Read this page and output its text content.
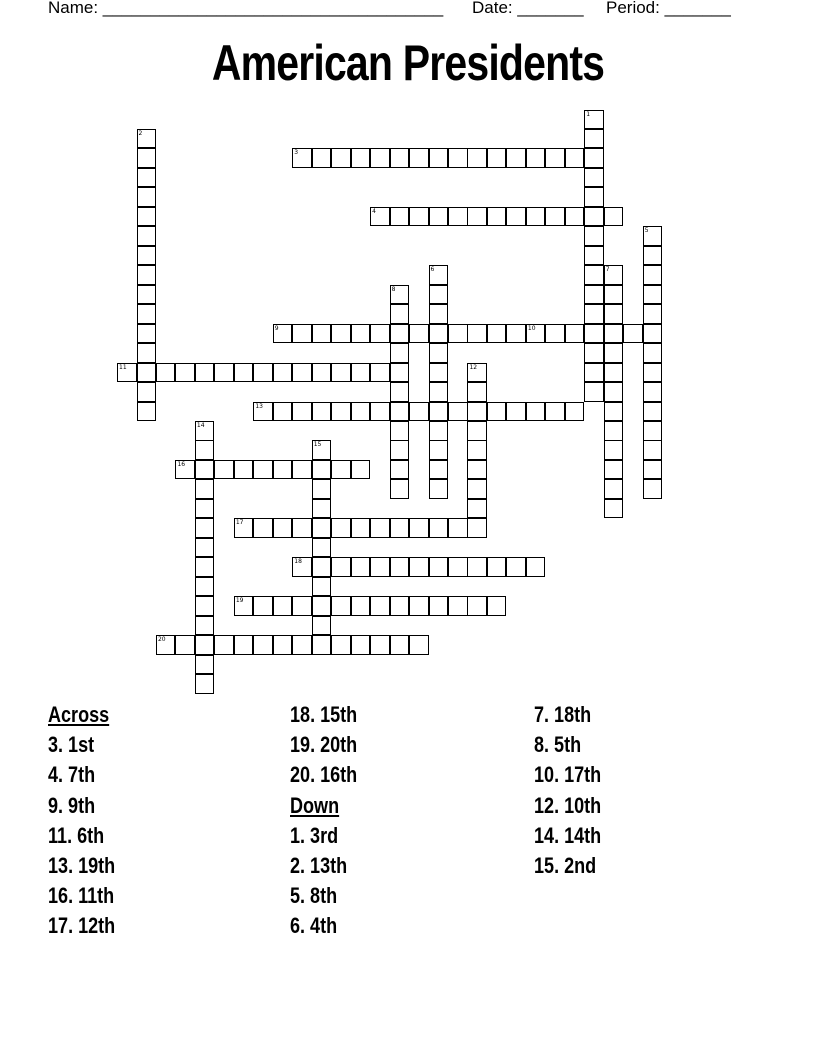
Name: ____________________________________ Date: _______ Period: _______
American Presidents
1
2
3
4
5
6	7
8
9	10
11	12
13
14
15
16
17
18
19
20
Across
3. 1st
4. 7th
9. 9th
11. 6th
13. 19th
16. 11th
17. 12th
18. 15th
19. 20th
20. 16th
Down
1. 3rd
2. 13th
5. 8th
6. 4th
7. 18th
8. 5th
10. 17th
12. 10th
14. 14th
15. 2nd
